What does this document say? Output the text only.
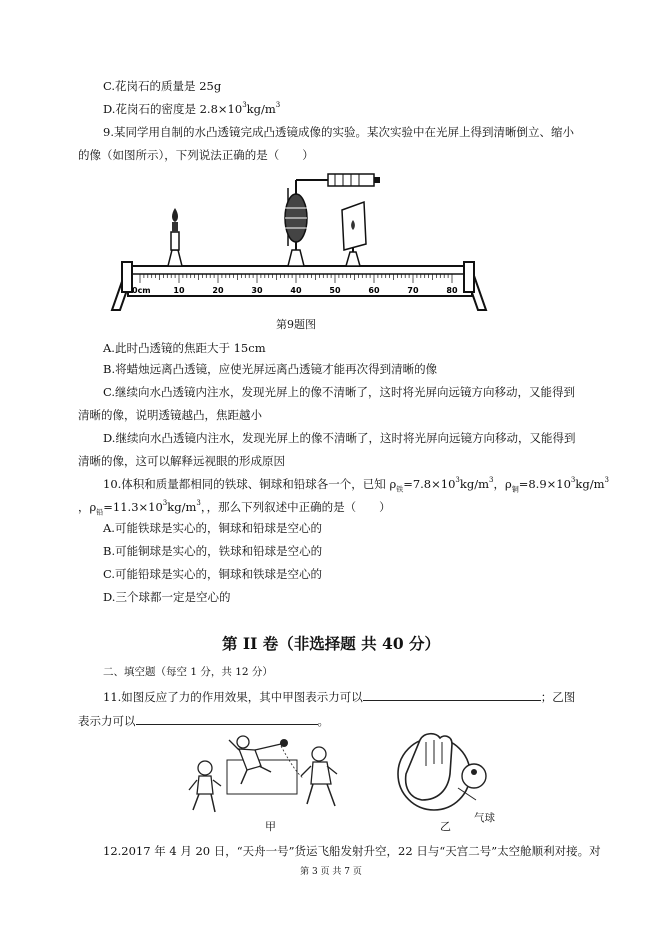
C.花岗石的质量是 25g
D.花岗石的密度是 $2.8\times 10^3kg/m^3$
9.某同学用自制的水凸透镜完成凸透镜成像的实验。某次实验中在光屏上得到清晰倒立、缩小
的像（如图所示），下列说法正确的是（　　）
0cm	10	20	30	40	50	60	70	80
第9题图
A.此时凸透镜的焦距大于 15cm
B.将蜡烛远离凸透镜，应使光屏远离凸透镜才能再次得到清晰的像
C.继续向水凸透镜内注水，发现光屏上的像不清晰了，这时将光屏向远镜方向移动，又能得到
清晰的像，说明透镜越凸，焦距越小
D.继续向水凸透镜内注水，发现光屏上的像不清晰了，这时将光屏向远镜方向移动，又能得到
清晰的像，这可以解释远视眼的形成原因
10.体积和质量都相同的铁球、铜球和铅球各一个，已知 $\rho_铁=7.8\times 10^3kg/m^3$，$\rho_铜=8.9\times 10^3kg/m^3$
，$\rho_铅=11.3\times 10^3kg/m^3$，，那么下列叙述中正确的是（　　）
A.可能铁球是实心的，铜球和铅球是空心的
B.可能铜球是实心的，铁球和铅球是空心的
C.可能铅球是实心的，铜球和铁球是空心的
D.三个球都一定是空心的
第 II 卷（非选择题 共 40 分）
二、填空题（每空 1 分，共 12 分）
11.如图反应了力的作用效果，其中甲图表示力可以	；乙图
表示力可以	。
甲	乙
气球
12.2017 年 4 月 20 日，“天舟一号”货运飞船发射升空，22 日与“天宫二号”太空舱顺利对接。对
第 3 页 共 7 页
